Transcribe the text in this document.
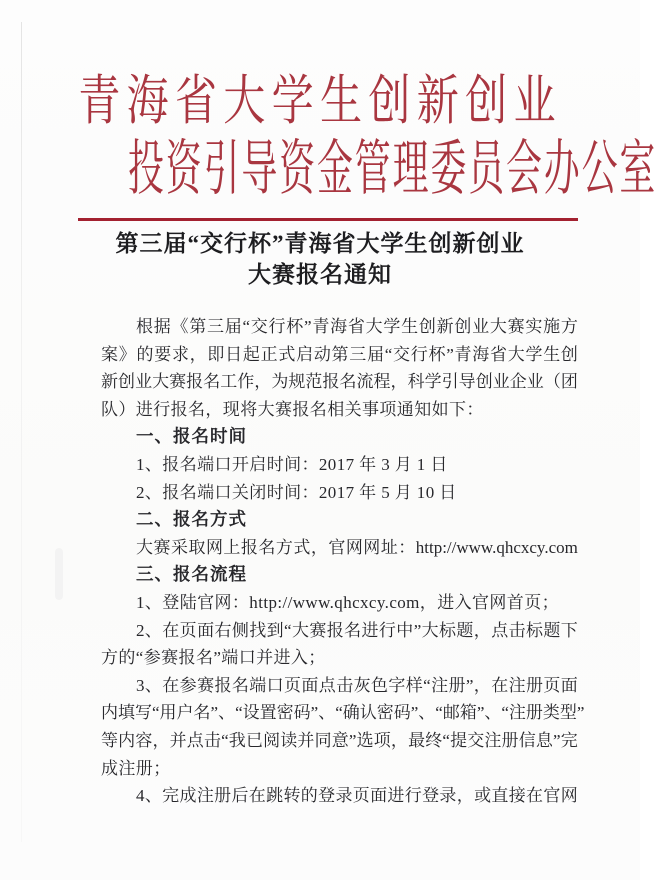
青海省大学生创新创业
投资引导资金管理委员会办公室
第三届“交行杯”青海省大学生创新创业
大赛报名通知
根 据 《 第 三 届 “ 交 行 杯 ” 青 海 省 大 学 生 创 新 创 业 大 赛 实 施 方
案 》 的 要 求 ， 即 日 起 正 式 启 动 第 三 届 “ 交 行 杯 ” 青 海 省 大 学 生 创
新 创 业 大 赛 报 名 工 作 ， 为 规 范 报 名 流 程 ， 科 学 引 导 创 业 企 业 （ 团
队）进行报名，现将大赛报名相关事项通知如下：
一、报名时间
1、报名端口开启时间：2017 年 3 月 1 日
2、报名端口关闭时间：2017 年 5 月 10 日
二、报名方式
大 赛 采 取 网 上 报 名 方 式 ， 官 网 网 址 ： http://www.qhcxcy.com
三、报名流程
1、登陆官网：http://www.qhcxcy.com，进入官网首页；
2 、 在 页 面 右 侧 找 到 “ 大 赛 报 名 进 行 中 ” 大 标 题 ， 点 击 标 题 下
方的“参赛报名”端口并进入；
3 、 在 参 赛 报 名 端 口 页 面 点 击 灰 色 字 样 “ 注 册 ” ， 在 注 册 页 面
内 填 写 “ 用 户 名 ” 、 “ 设 置 密 码 ” 、 “ 确 认 密 码 ” 、 “ 邮 箱 ” 、 “ 注 册 类 型 ”
等 内 容 ， 并 点 击 “ 我 已 阅 读 并 同 意 ” 选 项 ， 最 终 “ 提 交 注 册 信 息 ” 完
成注册；
4 、 完 成 注 册 后 在 跳 转 的 登 录 页 面 进 行 登 录 ， 或 直 接 在 官 网
